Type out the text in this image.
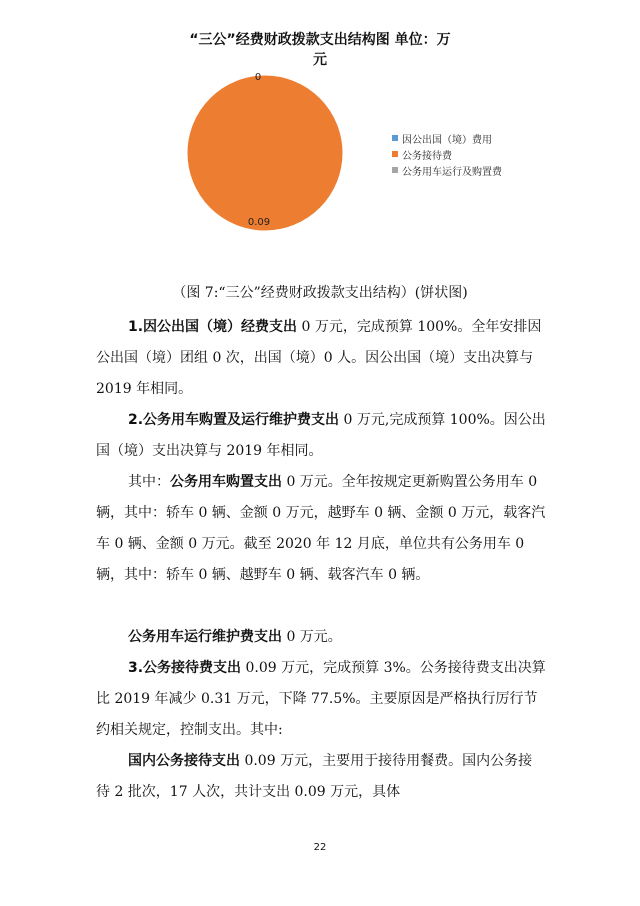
“三公”经费财政拨款支出结构图 单位：万
元
0
0.09
因公出国（境）费用
公务接待费
公务用车运行及购置费
（图 7:“三公”经费财政拨款支出结构）(饼状图)
1.因公出国（境）经费支出 0 万元，完成预算 100%。全年安排因公出国（境）团组 0 次，出国（境）0 人。因公出国（境）支出决算与 2019 年相同。
2.公务用车购置及运行维护费支出 0 万元,完成预算 100%。因公出国（境）支出决算与 2019 年相同。
其中：公务用车购置支出 0 万元。全年按规定更新购置公务用车 0 辆，其中：轿车 0 辆、金额 0 万元，越野车 0 辆、金额 0 万元，载客汽车 0 辆、金额 0 万元。截至 2020 年 12 月底，单位共有公务用车 0 辆，其中：轿车 0 辆、越野车 0 辆、载客汽车 0 辆。
公务用车运行维护费支出 0 万元。
3.公务接待费支出 0.09 万元，完成预算 3%。公务接待费支出决算比 2019 年减少 0.31 万元，下降 77.5%。主要原因是严格执行厉行节约相关规定，控制支出。其中:
国内公务接待支出 0.09 万元，主要用于接待用餐费。国内公务接待 2 批次，17 人次，共计支出 0.09 万元，具体
22
